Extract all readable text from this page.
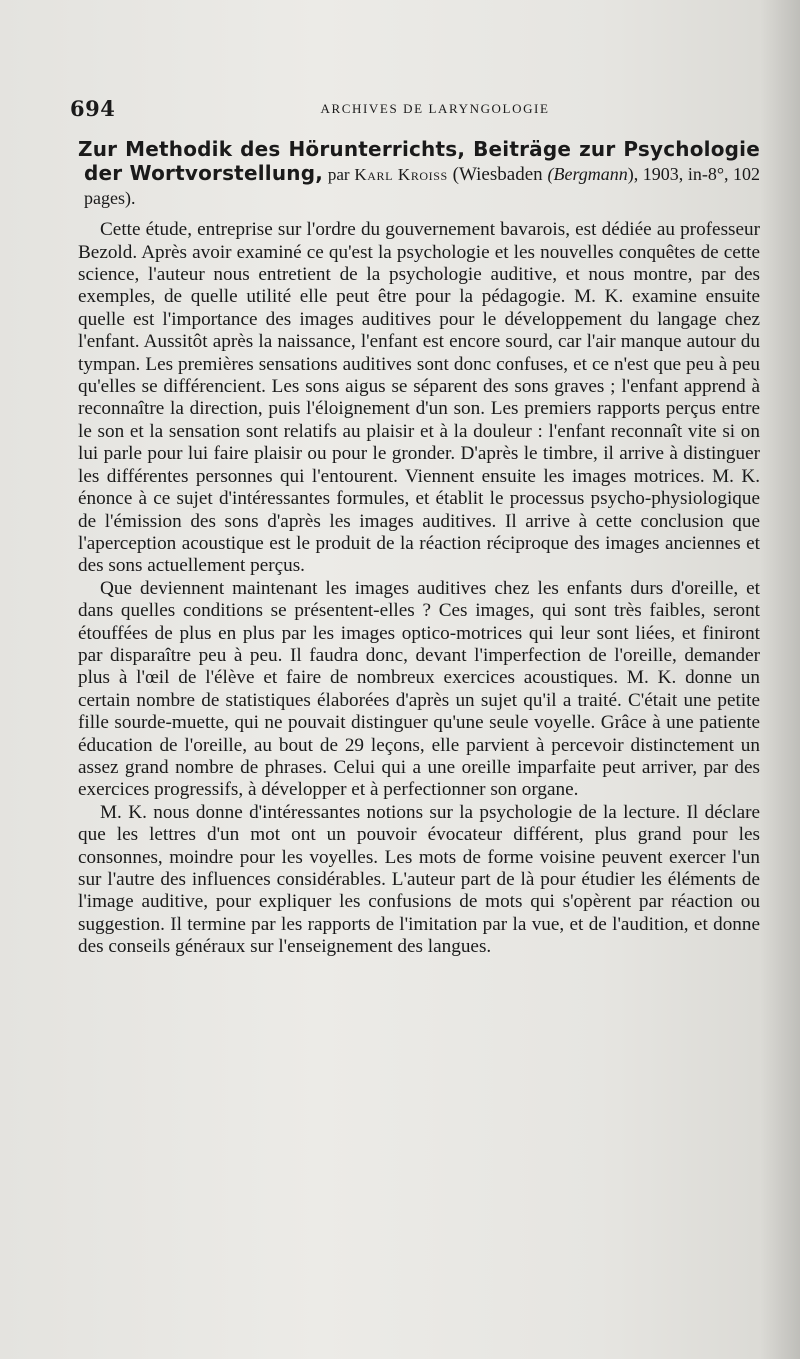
694	ARCHIVES DE LARYNGOLOGIE
Zur Methodik des Hörunterrichts, Beiträge zur Psychologie der Wortvorstellung, par Karl Kroiss (Wiesbaden (Bergmann), 1903, in-8°, 102 pages).

Cette étude, entreprise sur l'ordre du gouvernement bavarois, est dédiée au professeur Bezold. Après avoir examiné ce qu'est la psychologie et les nouvelles conquêtes de cette science, l'auteur nous entretient de la psychologie auditive, et nous montre, par des exemples, de quelle utilité elle peut être pour la pédagogie. M. K. examine ensuite quelle est l'importance des images auditives pour le développement du langage chez l'enfant. Aussitôt après la naissance, l'enfant est encore sourd, car l'air manque autour du tympan. Les premières sensations auditives sont donc confuses, et ce n'est que peu à peu qu'elles se différencient. Les sons aigus se séparent des sons graves ; l'enfant apprend à reconnaître la direction, puis l'éloignement d'un son. Les premiers rapports perçus entre le son et la sensation sont relatifs au plaisir et à la douleur : l'enfant reconnaît vite si on lui parle pour lui faire plaisir ou pour le gronder. D'après le timbre, il arrive à distinguer les différentes personnes qui l'entourent. Viennent ensuite les images motrices. M. K. énonce à ce sujet d'intéressantes formules, et établit le processus psycho-physiologique de l'émission des sons d'après les images auditives. Il arrive à cette conclusion que l'aperception acoustique est le produit de la réaction réciproque des images anciennes et des sons actuellement perçus.

Que deviennent maintenant les images auditives chez les enfants durs d'oreille, et dans quelles conditions se présentent-elles ? Ces images, qui sont très faibles, seront étouffées de plus en plus par les images optico-motrices qui leur sont liées, et finiront par disparaître peu à peu. Il faudra donc, devant l'imperfection de l'oreille, demander plus à l'œil de l'élève et faire de nombreux exercices acoustiques. M. K. donne un certain nombre de statistiques élaborées d'après un sujet qu'il a traité. C'était une petite fille sourde-muette, qui ne pouvait distinguer qu'une seule voyelle. Grâce à une patiente éducation de l'oreille, au bout de 29 leçons, elle parvient à percevoir distinctement un assez grand nombre de phrases. Celui qui a une oreille imparfaite peut arriver, par des exercices progressifs, à développer et à perfectionner son organe.

M. K. nous donne d'intéressantes notions sur la psychologie de la lecture. Il déclare que les lettres d'un mot ont un pouvoir évocateur différent, plus grand pour les consonnes, moindre pour les voyelles. Les mots de forme voisine peuvent exercer l'un sur l'autre des influences considérables. L'auteur part de là pour étudier les éléments de l'image auditive, pour expliquer les confusions de mots qui s'opèrent par réaction ou suggestion. Il termine par les rapports de l'imitation par la vue, et de l'audition, et donne des conseils généraux sur l'enseignement des langues.
